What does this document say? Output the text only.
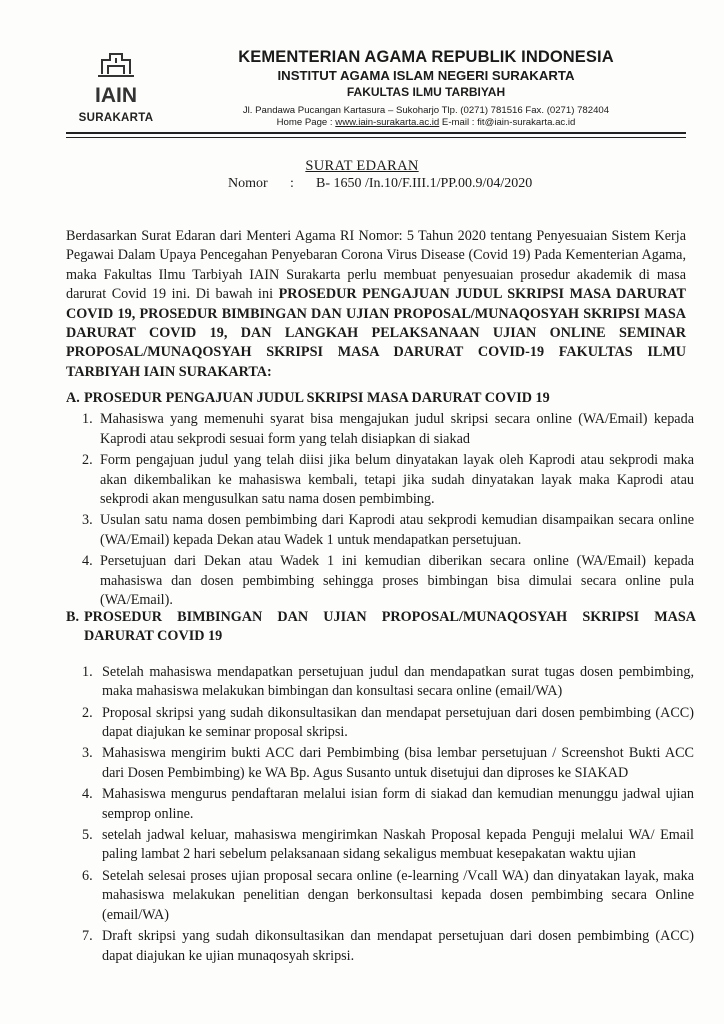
IAIN
SURAKARTA
KEMENTERIAN AGAMA REPUBLIK INDONESIA
INSTITUT AGAMA ISLAM NEGERI SURAKARTA
FAKULTAS ILMU TARBIYAH
Jl. Pandawa Pucangan Kartasura – Sukoharjo Tlp. (0271) 781516 Fax. (0271) 782404
Home Page : www.iain-surakarta.ac.id E-mail : fit@iain-surakarta.ac.id
SURAT EDARAN
Nomor : B- 1650 /In.10/F.III.1/PP.00.9/04/2020
Berdasarkan Surat Edaran dari Menteri Agama RI Nomor: 5 Tahun 2020 tentang Penyesuaian Sistem Kerja Pegawai Dalam Upaya Pencegahan Penyebaran Corona Virus Disease (Covid 19) Pada Kementerian Agama, maka Fakultas Ilmu Tarbiyah IAIN Surakarta perlu membuat penyesuaian prosedur akademik di masa darurat Covid 19 ini. Di bawah ini PROSEDUR PENGAJUAN JUDUL SKRIPSI MASA DARURAT COVID 19, PROSEDUR BIMBINGAN DAN UJIAN PROPOSAL/MUNAQOSYAH SKRIPSI MASA DARURAT COVID 19, DAN LANGKAH PELAKSANAAN UJIAN ONLINE SEMINAR PROPOSAL/MUNAQOSYAH SKRIPSI MASA DARURAT COVID-19 FAKULTAS ILMU TARBIYAH IAIN SURAKARTA:
A. PROSEDUR PENGAJUAN JUDUL SKRIPSI MASA DARURAT COVID 19
1. Mahasiswa yang memenuhi syarat bisa mengajukan judul skripsi secara online (WA/Email) kepada Kaprodi atau sekprodi sesuai form yang telah disiapkan di siakad
2. Form pengajuan judul yang telah diisi jika belum dinyatakan layak oleh Kaprodi atau sekprodi maka akan dikembalikan ke mahasiswa kembali, tetapi jika sudah dinyatakan layak maka Kaprodi atau sekprodi akan mengusulkan satu nama dosen pembimbing.
3. Usulan satu nama dosen pembimbing dari Kaprodi atau sekprodi kemudian disampaikan secara online (WA/Email) kepada Dekan atau Wadek 1 untuk mendapatkan persetujuan.
4. Persetujuan dari Dekan atau Wadek 1 ini kemudian diberikan secara online (WA/Email) kepada mahasiswa dan dosen pembimbing sehingga proses bimbingan bisa dimulai secara online pula (WA/Email).
B. PROSEDUR BIMBINGAN DAN UJIAN PROPOSAL/MUNAQOSYAH SKRIPSI MASA DARURAT COVID 19
1. Setelah mahasiswa mendapatkan persetujuan judul dan mendapatkan surat tugas dosen pembimbing, maka mahasiswa melakukan bimbingan dan konsultasi secara online (email/WA)
2. Proposal skripsi yang sudah dikonsultasikan dan mendapat persetujuan dari dosen pembimbing (ACC) dapat diajukan ke seminar proposal skripsi.
3. Mahasiswa mengirim bukti ACC dari Pembimbing (bisa lembar persetujuan / Screenshot Bukti ACC dari Dosen Pembimbing) ke WA Bp. Agus Susanto untuk disetujui dan diproses ke SIAKAD
4. Mahasiswa mengurus pendaftaran melalui isian form di siakad dan kemudian menunggu jadwal ujian semprop online.
5. setelah jadwal keluar, mahasiswa mengirimkan Naskah Proposal kepada Penguji melalui WA/ Email paling lambat 2 hari sebelum pelaksanaan sidang sekaligus membuat kesepakatan waktu ujian
6. Setelah selesai proses ujian proposal secara online (e-learning /Vcall WA) dan dinyatakan layak, maka mahasiswa melakukan penelitian dengan berkonsultasi kepada dosen pembimbing secara Online (email/WA)
7. Draft skripsi yang sudah dikonsultasikan dan mendapat persetujuan dari dosen pembimbing (ACC) dapat diajukan ke ujian munaqosyah skripsi.
